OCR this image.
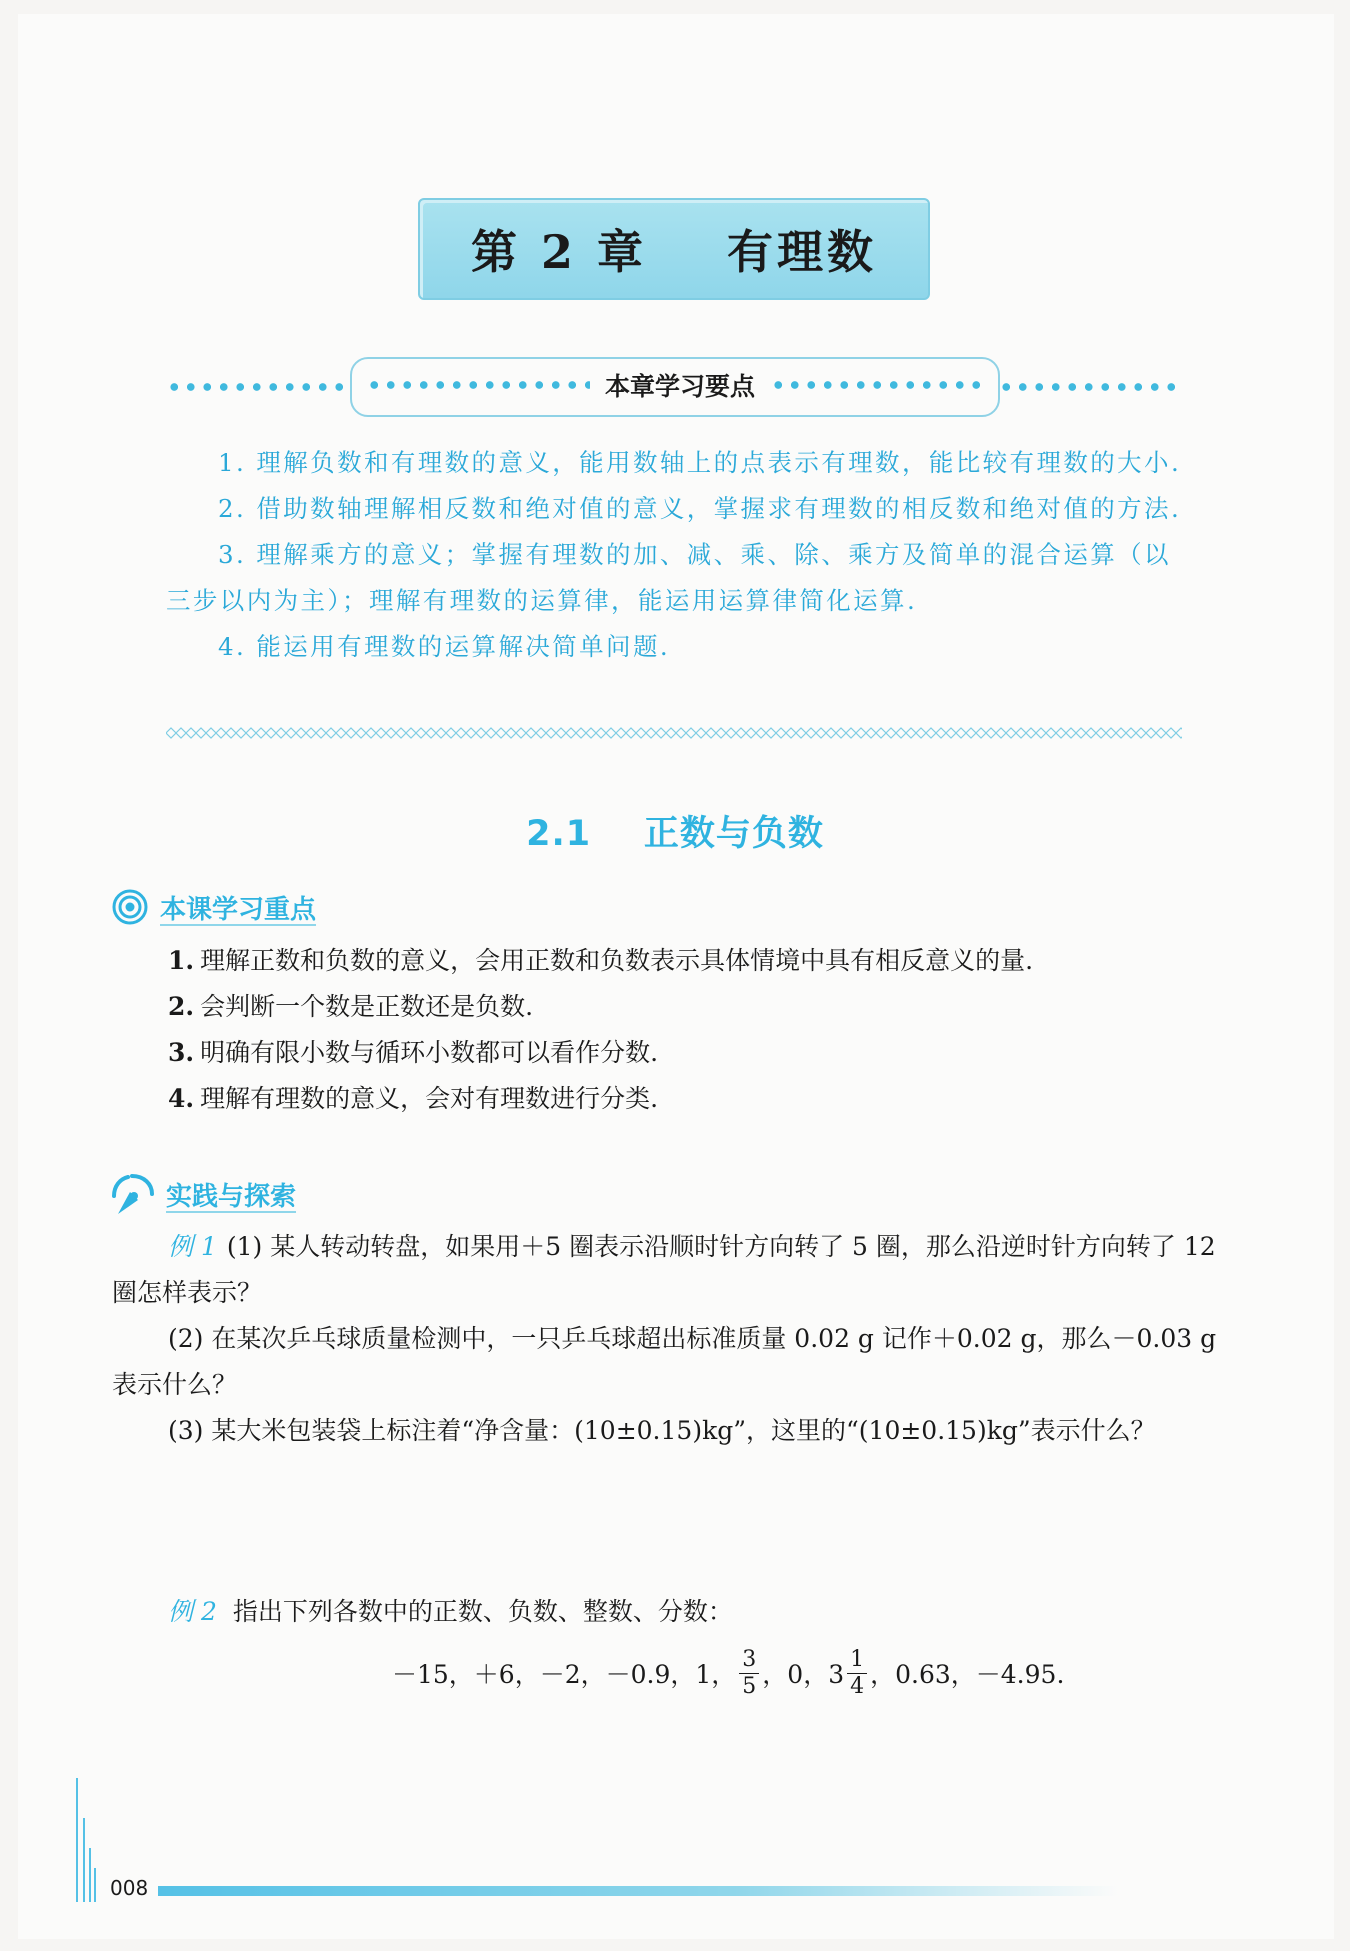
第 2 章    有理数
本章学习要点

1. 理解负数和有理数的意义，能用数轴上的点表示有理数，能比较有理数的大小.

2. 借助数轴理解相反数和绝对值的意义，掌握求有理数的相反数和绝对值的方法.

3. 理解乘方的意义；掌握有理数的加、减、乘、除、乘方及简单的混合运算（以三步以内为主）；理解有理数的运算律，能运用运算律简化运算.

4. 能运用有理数的运算解决简单问题.

2.1    正数与负数
本课学习重点

1. 理解正数和负数的意义，会用正数和负数表示具体情境中具有相反意义的量.

2. 会判断一个数是正数还是负数.

3. 明确有限小数与循环小数都可以看作分数.

4. 理解有理数的意义，会对有理数进行分类.

实践与探索

例 1 (1) 某人转动转盘，如果用＋5 圈表示沿顺时针方向转了 5 圈，那么沿逆时针方向转了 12 圈怎样表示？

(2) 在某次乒乓球质量检测中，一只乒乓球超出标准质量 0.02 g 记作＋0.02 g，那么－0.03 g 表示什么？

(3) 某大米包装袋上标注着“净含量：(10±0.15)kg”，这里的“(10±0.15)kg”表示什么？

例 2 指出下列各数中的正数、负数、整数、分数：
－15，＋6，－2，－0.9，1， $\frac{3}{5}$ ，0，$3 \frac{1}{4}$ ，0.63，－4.95.
008
